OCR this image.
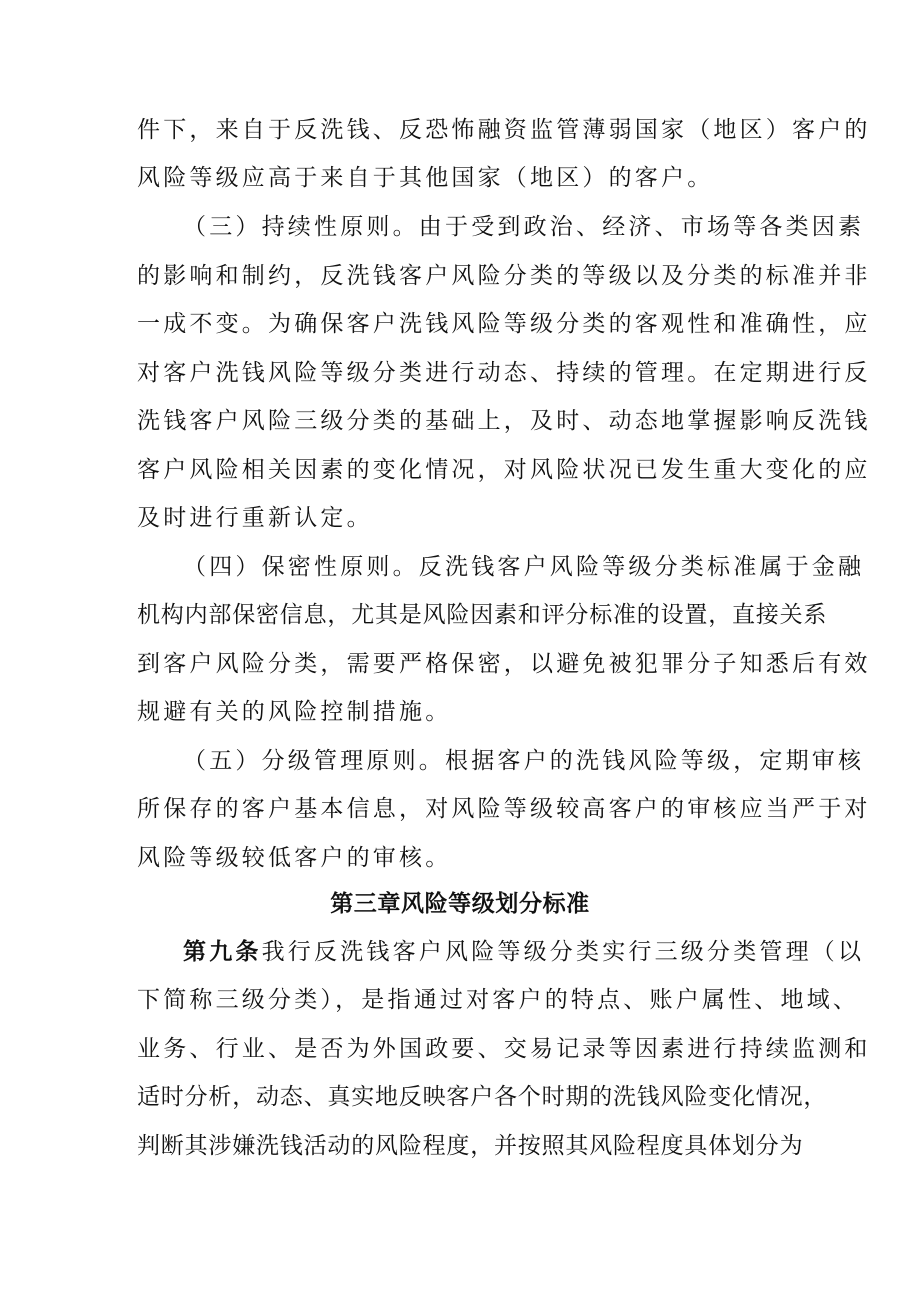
件下，来自于反洗钱、反恐怖融资监管薄弱国家（地区）客户的
风险等级应高于来自于其他国家（地区）的客户。
（三）持续性原则。由于受到政治、经济、市场等各类因素
的影响和制约，反洗钱客户风险分类的等级以及分类的标准并非
一成不变。为确保客户洗钱风险等级分类的客观性和准确性，应
对客户洗钱风险等级分类进行动态、持续的管理。在定期进行反
洗钱客户风险三级分类的基础上，及时、动态地掌握影响反洗钱
客户风险相关因素的变化情况，对风险状况已发生重大变化的应
及时进行重新认定。
（四）保密性原则。反洗钱客户风险等级分类标准属于金融
机构内部保密信息，尤其是风险因素和评分标准的设置，直接关系
到客户风险分类，需要严格保密，以避免被犯罪分子知悉后有效
规避有关的风险控制措施。
（五）分级管理原则。根据客户的洗钱风险等级，定期审核
所保存的客户基本信息，对风险等级较高客户的审核应当严于对
风险等级较低客户的审核。
第三章风险等级划分标准
第九条我行反洗钱客户风险等级分类实行三级分类管理（以
下简称三级分类），是指通过对客户的特点、账户属性、地域、
业务、行业、是否为外国政要、交易记录等因素进行持续监测和
适时分析，动态、真实地反映客户各个时期的洗钱风险变化情况，
判断其涉嫌洗钱活动的风险程度，并按照其风险程度具体划分为
